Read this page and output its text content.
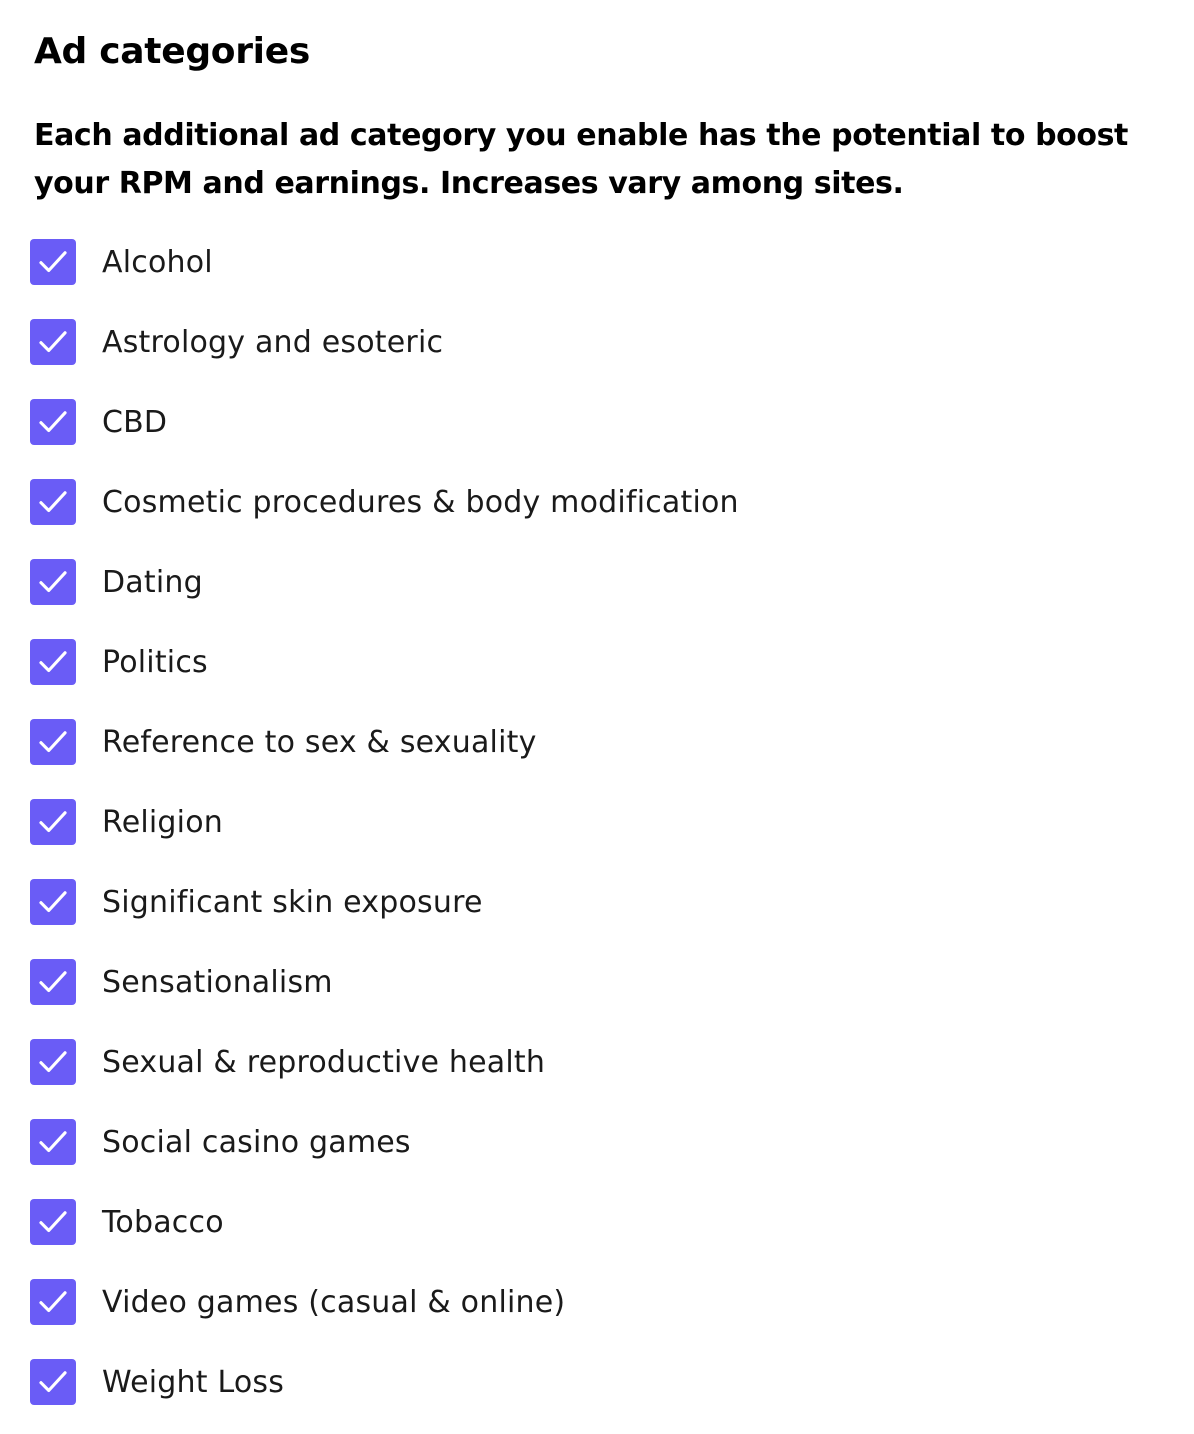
Ad categories

Each additional ad category you enable has the potential to boost your RPM and earnings. Increases vary among sites.

Alcohol
Astrology and esoteric
CBD
Cosmetic procedures & body modification
Dating
Politics
Reference to sex & sexuality
Religion
Significant skin exposure
Sensationalism
Sexual & reproductive health
Social casino games
Tobacco
Video games (casual & online)
Weight Loss
